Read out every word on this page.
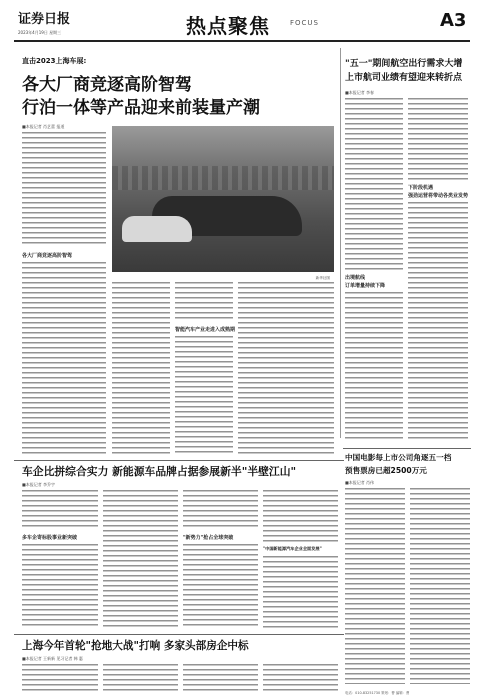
证券日报
2023年4月19日 星期三	热点聚焦	FOCUS	A3
直击2023上海车展:
各大厂商竞逐高阶智驾
行泊一体等产品迎来前装量产潮
■本报记者 肖艺蕾 报道
各大厂商竞逐高阶智驾
新华社图
智能汽车产业走进入成熟期
"五一"期间航空出行需求大增
上市航司业绩有望迎来转折点
■本报记者 李春
出境航线
订单增量持续下降
下阶段机遇
强劲运营将带动各类业发势
车企比拼综合实力 新能源车品牌占据参展新半"半壁江山"
■本报记者 李乔宇
多车企寄标股事业新突破	"新势力"抢占全球突破
"中国新能源汽车企业全面发展"
中国电影每上市公司角逐五一档
预售票房已超2500万元
■本报记者 肖伟
上海今年首轮"抢地大战"打响 多家头部房企中标
■本报记者 王新新 见习记者 韩 惠
电话：010-83251730 策划：曹 编辑：曹
